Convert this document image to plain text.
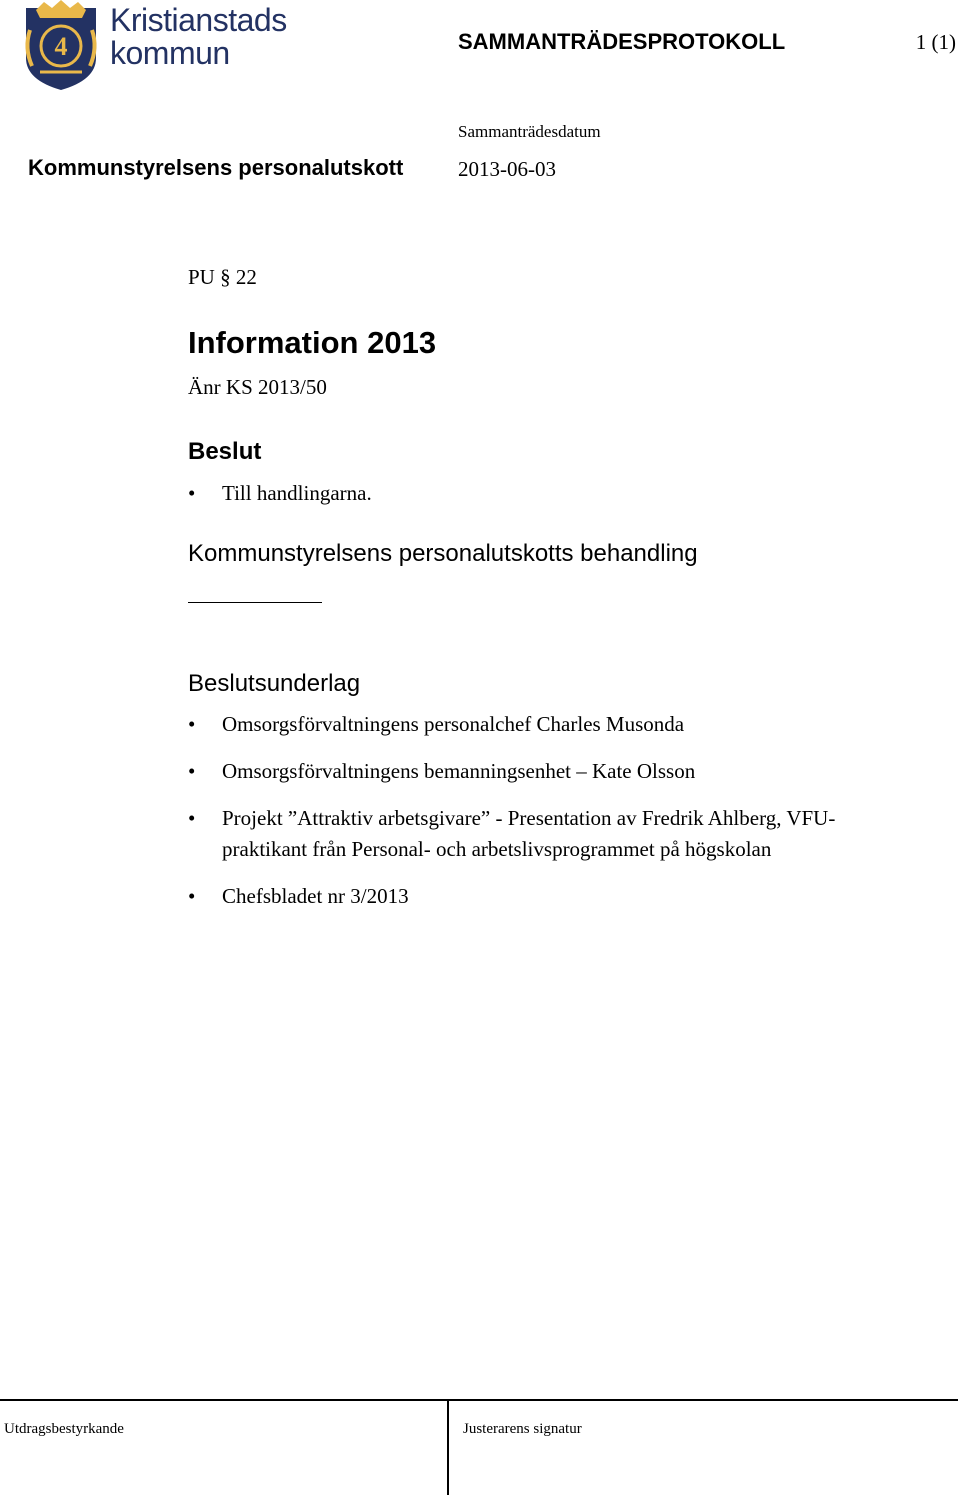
4
Kristianstads
kommun	SAMMANTRÄDESPROTOKOLL	1 (1)
Sammanträdesdatum
2013-06-03
Kommunstyrelsens personalutskott
PU § 22
Information 2013
Änr KS 2013/50
Beslut
•	Till handlingarna.
Kommunstyrelsens personalutskotts behandling
Beslutsunderlag
•	Omsorgsförvaltningens personalchef Charles Musonda
•	Omsorgsförvaltningens bemanningsenhet – Kate Olsson
•	Projekt ”Attraktiv arbetsgivare” - Presentation av Fredrik Ahlberg, VFU-praktikant från Personal- och arbetslivsprogrammet på högskolan
•	Chefsbladet nr 3/2013
Utdragsbestyrkande	Justerarens signatur
